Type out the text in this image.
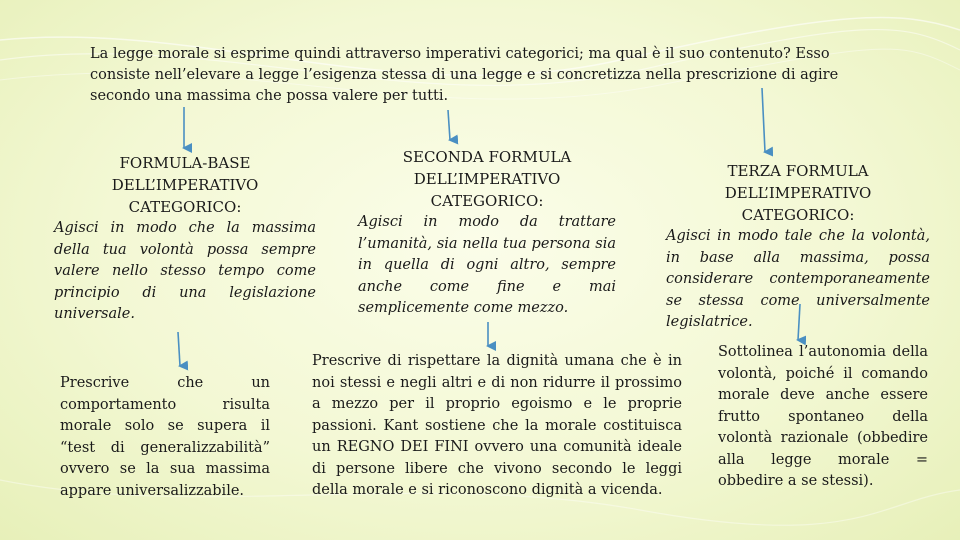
La legge morale si esprime quindi attraverso imperativi categorici; ma qual è il suo contenuto? Esso consiste nell’elevare a legge l’esigenza stessa di una legge e si concretizza nella prescrizione di agire secondo una massima che possa valere per tutti.

FORMULA-BASE DELL’IMPERATIVO CATEGORICO:

Agisci in modo che la massima della tua volontà possa sempre valere nello stesso tempo come principio di una legislazione universale.

SECONDA FORMULA DELL’IMPERATIVO CATEGORICO:

Agisci in modo da trattare l’umanità, sia nella tua persona sia in quella di ogni altro, sempre anche come fine e mai semplicemente come mezzo.

TERZA FORMULA DELL’IMPERATIVO CATEGORICO:

Agisci in modo tale che la volontà, in base alla massima, possa considerare contemporaneamente se stessa come universalmente legislatrice.

Prescrive che un comportamento risulta morale solo se supera il “test di generalizzabilità” ovvero se la sua massima appare universalizzabile.

Prescrive di rispettare la dignità umana che è in noi stessi e negli altri e di non ridurre il prossimo a mezzo per il proprio egoismo e le proprie passioni. Kant sostiene che la morale costituisca un REGNO DEI FINI ovvero una comunità ideale di persone libere che vivono secondo le leggi della morale e si riconoscono dignità a vicenda.

Sottolinea l’autonomia della volontà, poiché il comando morale deve anche essere frutto spontaneo della volontà razionale (obbedire alla legge morale = obbedire a se stessi).
